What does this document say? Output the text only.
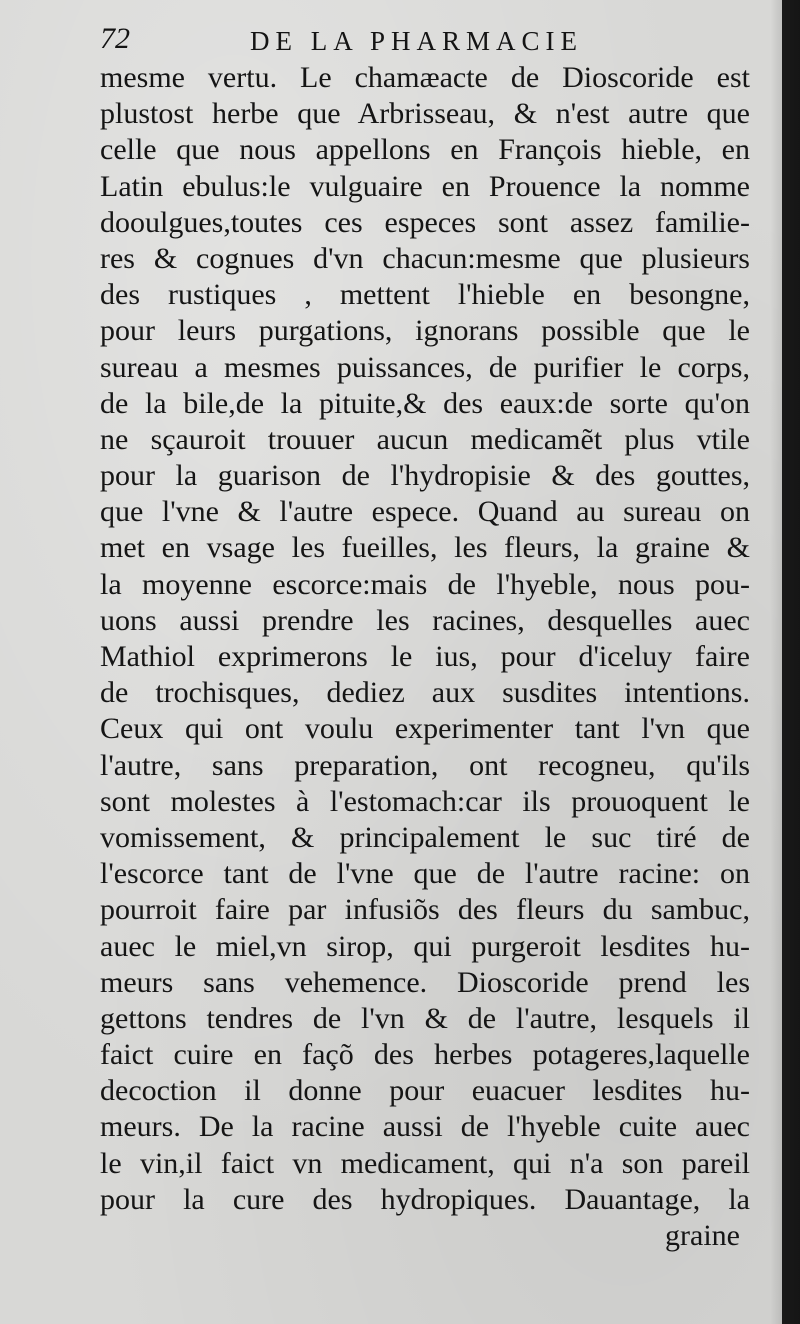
72	DE LA PHARMACIE
mesme vertu. Le chamæacte de Dioscoride est
plustost herbe que Arbrisseau, & n'est autre que
celle que nous appellons en François hieble, en
Latin ebulus:le vulguaire en Prouence la nomme
dooulgues,toutes ces especes sont assez familie-
res & cognues d'vn chacun:mesme que plusieurs
des rustiques , mettent l'hieble en besongne,
pour leurs purgations, ignorans possible que le
sureau a mesmes puissances, de purifier le corps,
de la bile,de la pituite,& des eaux:de sorte qu'on
ne sçauroit trouuer aucun medicamẽt plus vtile
pour la guarison de l'hydropisie & des gouttes,
que l'vne & l'autre espece. Quand au sureau on
met en vsage les fueilles, les fleurs, la graine &
la moyenne escorce:mais de l'hyeble, nous pou-
uons aussi prendre les racines, desquelles auec
Mathiol exprimerons le ius, pour d'iceluy faire
de trochisques, dediez aux susdites intentions.
Ceux qui ont voulu experimenter tant l'vn que
l'autre, sans preparation, ont recogneu, qu'ils
sont molestes à l'estomach:car ils prouoquent le
vomissement, & principalement le suc tiré de
l'escorce tant de l'vne que de l'autre racine: on
pourroit faire par infusiõs des fleurs du sambuc,
auec le miel,vn sirop, qui purgeroit lesdites hu-
meurs sans vehemence. Dioscoride prend les
gettons tendres de l'vn & de l'autre, lesquels il
faict cuire en façõ des herbes potageres,laquelle
decoction il donne pour euacuer lesdites hu-
meurs. De la racine aussi de l'hyeble cuite auec
le vin,il faict vn medicament, qui n'a son pareil
pour la cure des hydropiques. Dauantage, la
graine
